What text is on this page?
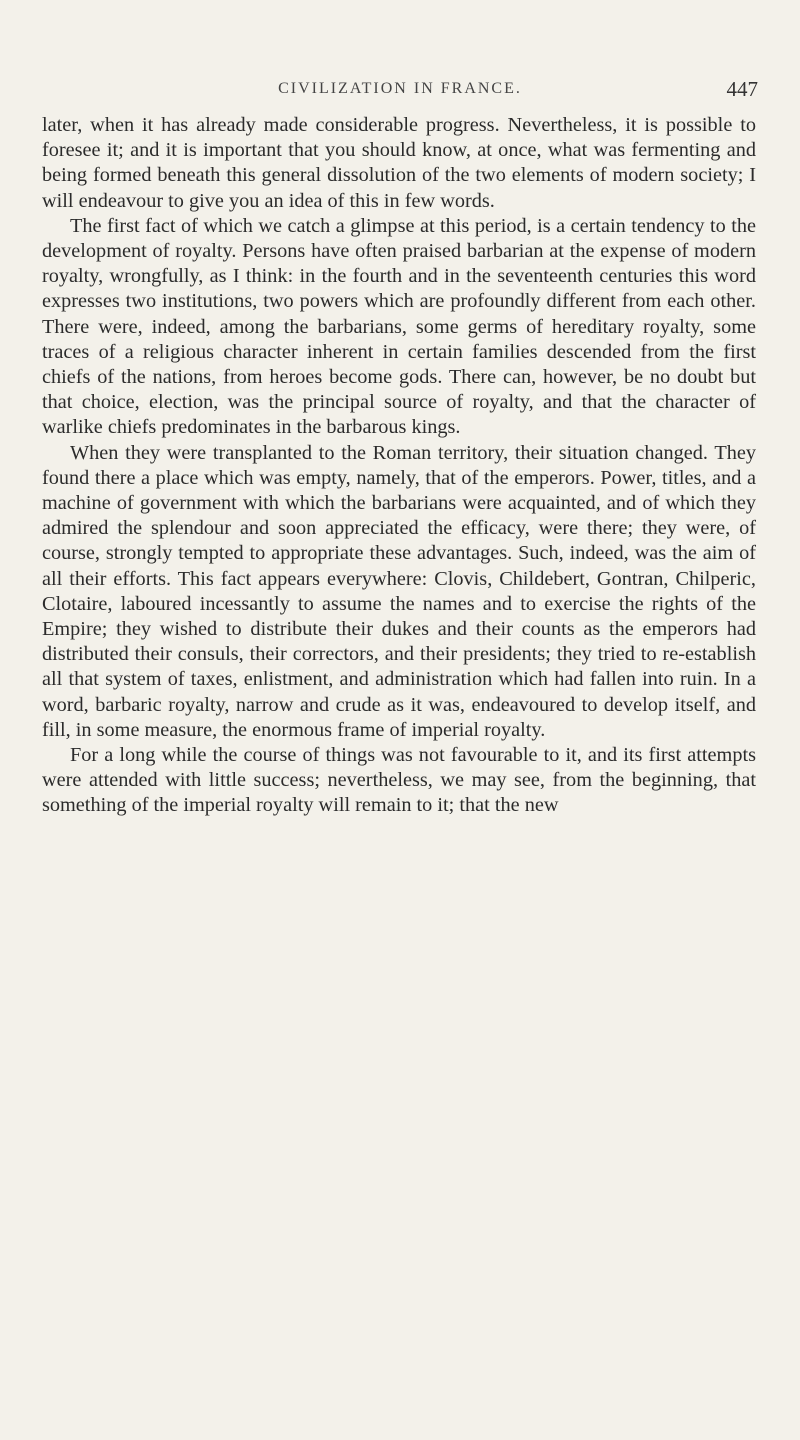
CIVILIZATION IN FRANCE.	447

later, when it has already made considerable progress. Nevertheless, it is possible to foresee it; and it is important that you should know, at once, what was fermenting and being formed beneath this general dissolution of the two elements of modern society; I will endeavour to give you an idea of this in few words.

The first fact of which we catch a glimpse at this period, is a certain tendency to the development of royalty. Persons have often praised barbarian at the expense of modern royalty, wrongfully, as I think: in the fourth and in the seventeenth centuries this word expresses two institutions, two powers which are profoundly different from each other. There were, indeed, among the barbarians, some germs of hereditary royalty, some traces of a religious character inherent in certain families descended from the first chiefs of the nations, from heroes become gods. There can, however, be no doubt but that choice, election, was the principal source of royalty, and that the character of warlike chiefs predominates in the barbarous kings.

When they were transplanted to the Roman territory, their situation changed. They found there a place which was empty, namely, that of the emperors. Power, titles, and a machine of government with which the barbarians were acquainted, and of which they admired the splendour and soon appreciated the efficacy, were there; they were, of course, strongly tempted to appropriate these advantages. Such, indeed, was the aim of all their efforts. This fact appears everywhere: Clovis, Childebert, Gontran, Chilperic, Clotaire, laboured incessantly to assume the names and to exercise the rights of the Empire; they wished to distribute their dukes and their counts as the emperors had distributed their consuls, their correctors, and their presidents; they tried to re-establish all that system of taxes, enlistment, and administration which had fallen into ruin. In a word, barbaric royalty, narrow and crude as it was, endeavoured to develop itself, and fill, in some measure, the enormous frame of imperial royalty.

For a long while the course of things was not favourable to it, and its first attempts were attended with little success; nevertheless, we may see, from the beginning, that something of the imperial royalty will remain to it; that the new
